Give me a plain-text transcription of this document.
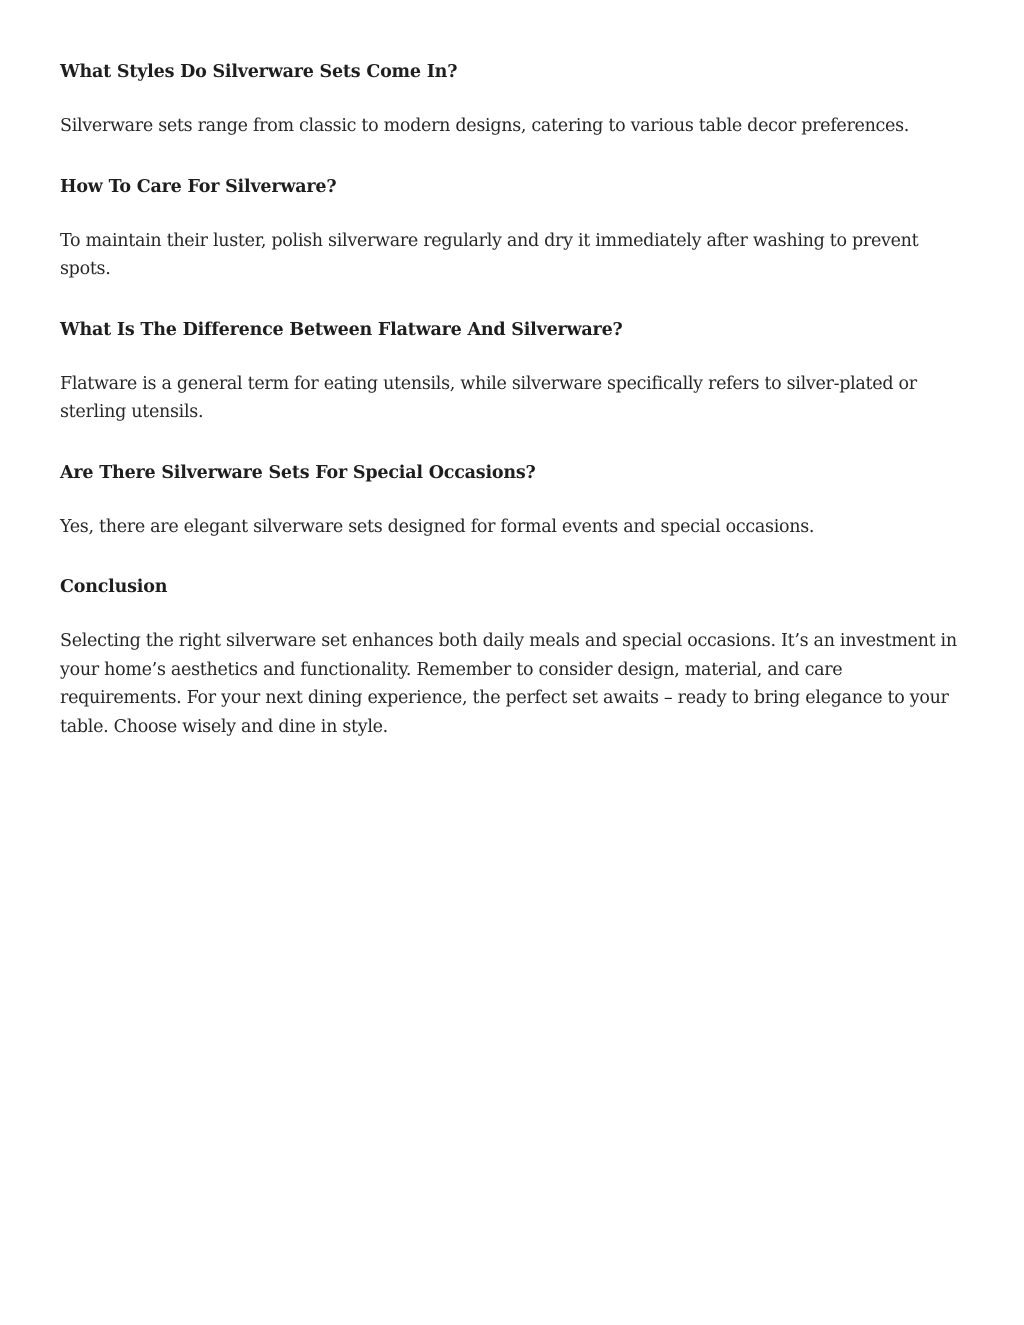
What Styles Do Silverware Sets Come In?

Silverware sets range from classic to modern designs, catering to various table decor preferences.

How To Care For Silverware?

To maintain their luster, polish silverware regularly and dry it immediately after washing to prevent spots.

What Is The Difference Between Flatware And Silverware?

Flatware is a general term for eating utensils, while silverware specifically refers to silver-plated or sterling utensils.

Are There Silverware Sets For Special Occasions?

Yes, there are elegant silverware sets designed for formal events and special occasions.

Conclusion

Selecting the right silverware set enhances both daily meals and special occasions. It’s an investment in your home’s aesthetics and functionality. Remember to consider design, material, and care requirements. For your next dining experience, the perfect set awaits – ready to bring elegance to your table. Choose wisely and dine in style.
